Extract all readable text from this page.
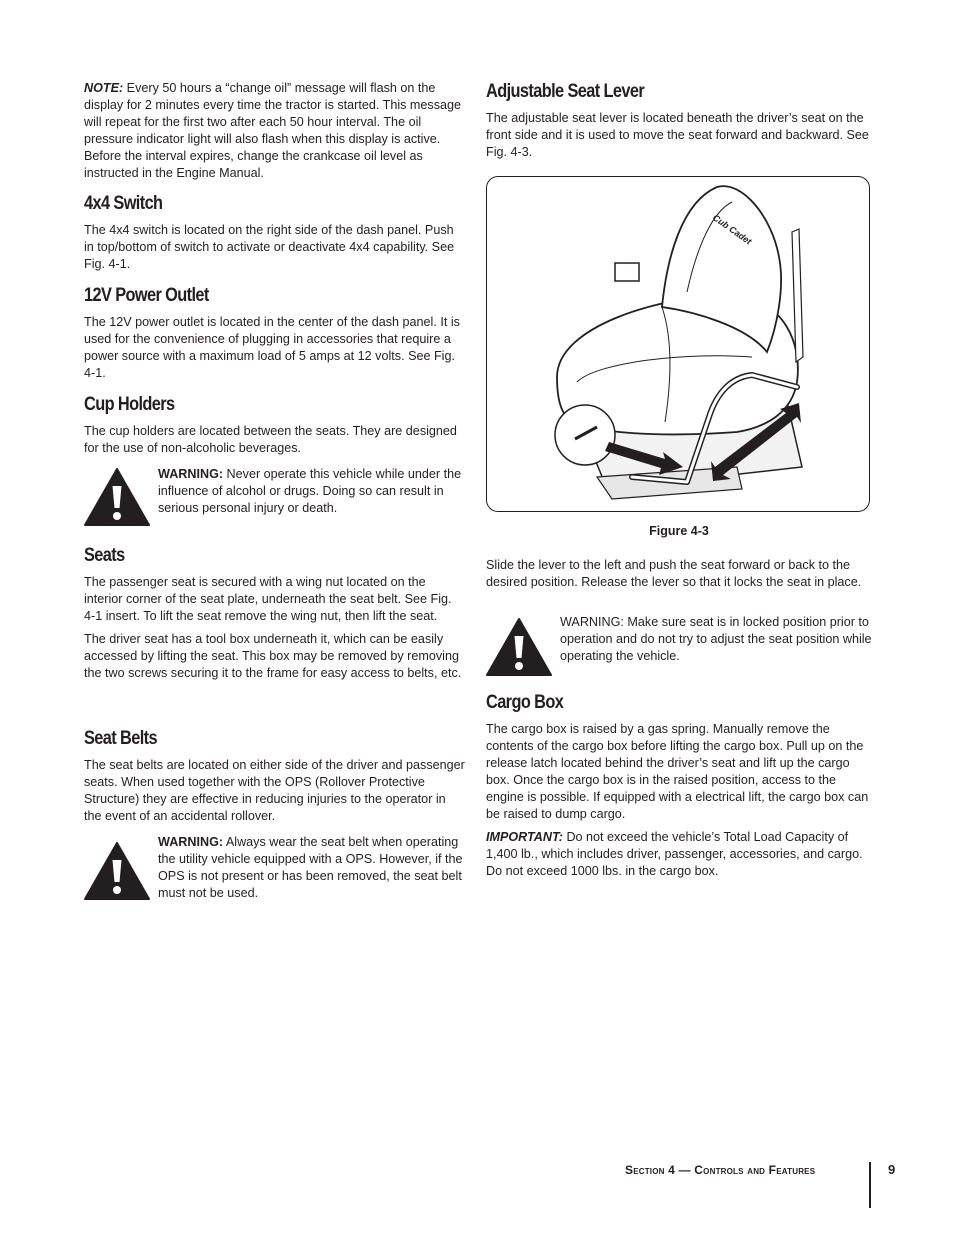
NOTE: Every 50 hours a “change oil” message will flash on the display for 2 minutes every time the tractor is started. This message will repeat for the first two after each 50 hour interval. The oil pressure indicator light will also flash when this display is active. Before the interval expires, change the crankcase oil level as instructed in the Engine Manual.

4x4 Switch

The 4x4 switch is located on the right side of the dash panel. Push in top/bottom of switch to activate or deactivate 4x4 capability. See Fig. 4-1.

12V Power Outlet

The 12V power outlet is located in the center of the dash panel. It is used for the convenience of plugging in accessories that require a power source with a maximum load of 5 amps at 12 volts. See Fig. 4-1.

Cup Holders

The cup holders are located between the seats. They are designed for the use of non-alcoholic beverages.

WARNING: Never operate this vehicle while under the influence of alcohol or drugs. Doing so can result in serious personal injury or death.

Seats

The passenger seat is secured with a wing nut located on the interior corner of the seat plate, underneath the seat belt. See Fig. 4-1 insert. To lift the seat remove the wing nut, then lift the seat.

The driver seat has a tool box underneath it, which can be easily accessed by lifting the seat. This box may be removed by removing the two screws securing it to the frame for easy access to belts, etc.

Seat Belts

The seat belts are located on either side of the driver and passenger seats. When used together with the OPS (Rollover Protective Structure) they are effective in reducing injuries to the operator in the event of an accidental rollover.

WARNING: Always wear the seat belt when operating the utility vehicle equipped with a OPS. However, if the OPS is not present or has been removed, the seat belt must not be used.

Adjustable Seat Lever

The adjustable seat lever is located beneath the driver’s seat on the front side and it is used to move the seat forward and backward. See Fig. 4-3.

Cub Cadet
Figure 4-3

Slide the lever to the left and push the seat forward or back to the desired position. Release the lever so that it locks the seat in place.

WARNING: Make sure seat is in locked position prior to operation and do not try to adjust the seat position while operating the vehicle.

Cargo Box

The cargo box is raised by a gas spring. Manually remove the contents of the cargo box before lifting the cargo box. Pull up on the release latch located behind the driver’s seat and lift up the cargo box. Once the cargo box is in the raised position, access to the engine is possible. If equipped with a electrical lift, the cargo box can be raised to dump cargo.

IMPORTANT: Do not exceed the vehicle’s Total Load Capacity of 1,400 lb., which includes driver, passenger, accessories, and cargo. Do not exceed 1000 lbs. in the cargo box.

Section 4 — Controls and Features	9
